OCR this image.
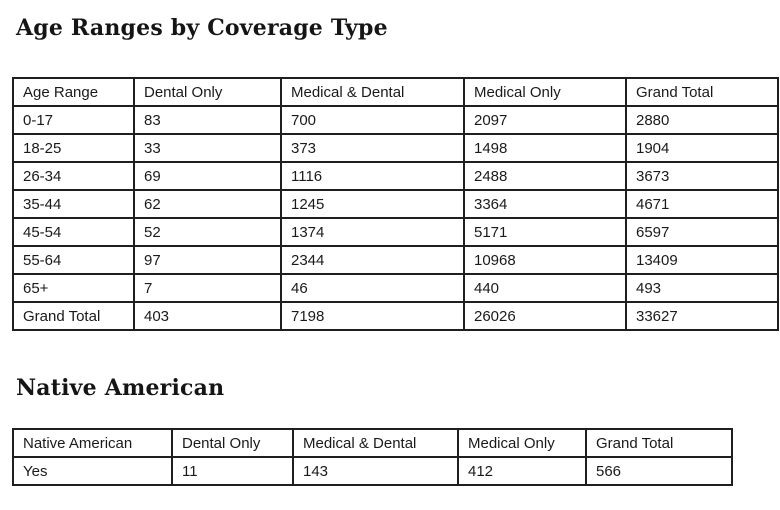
Age Ranges by Coverage Type
Age Range	Dental Only	Medical & Dental	Medical Only	Grand Total
0-17	83	700	2097	2880
18-25	33	373	1498	1904
26-34	69	1116	2488	3673
35-44	62	1245	3364	4671
45-54	52	1374	5171	6597
55-64	97	2344	10968	13409
65+	7	46	440	493
Grand Total	403	7198	26026	33627
Native American
Native American	Dental Only	Medical & Dental	Medical Only	Grand Total
Yes	11	143	412	566
